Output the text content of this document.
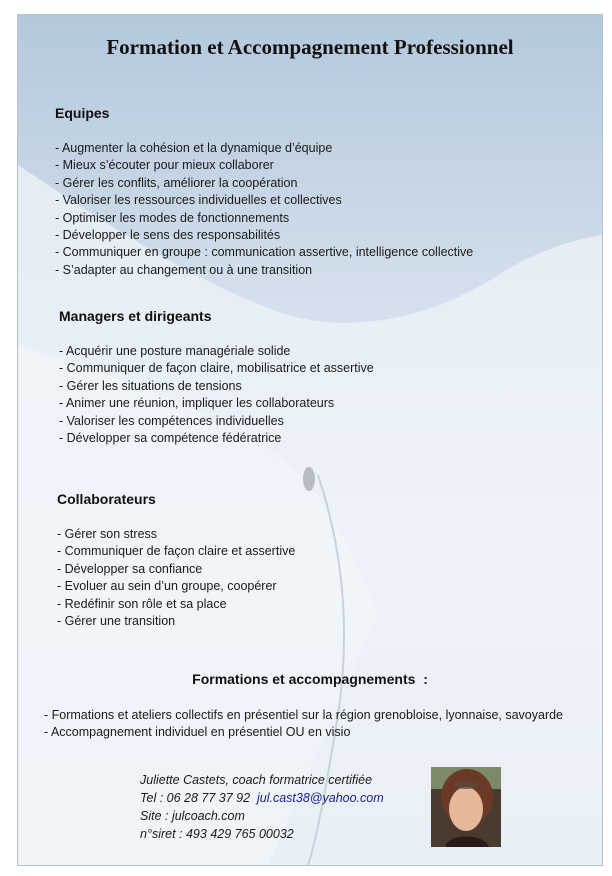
Formation et Accompagnement Professionnel
Equipes
- Augmenter la cohésion et la dynamique d’équipe
- Mieux s’écouter pour mieux collaborer
- Gérer les conflits, améliorer la coopération
- Valoriser les ressources individuelles et collectives
- Optimiser les modes de fonctionnements
- Développer le sens des responsabilités
- Communiquer en groupe : communication assertive, intelligence collective
- S’adapter au changement ou à une transition
Managers et dirigeants
- Acquérir une posture managériale solide
- Communiquer de façon claire, mobilisatrice et assertive
- Gérer les situations de tensions
- Animer une réunion, impliquer les collaborateurs
- Valoriser les compétences individuelles
- Développer sa compétence fédératrice
Collaborateurs
- Gérer son stress
- Communiquer de façon claire et assertive
- Développer sa confiance
- Evoluer au sein d’un groupe, coopérer
- Redéfinir son rôle et sa place
- Gérer une transition
Formations et accompagnements  :
- Formations et ateliers collectifs en présentiel sur la région grenobloise, lyonnaise, savoyarde
- Accompagnement individuel en présentiel OU en visio
Juliette Castets, coach formatrice certifiée
Tel : 06 28 77 37 92 jul.cast38@yahoo.com
Site : julcoach.com
n°siret : 493 429 765 00032
